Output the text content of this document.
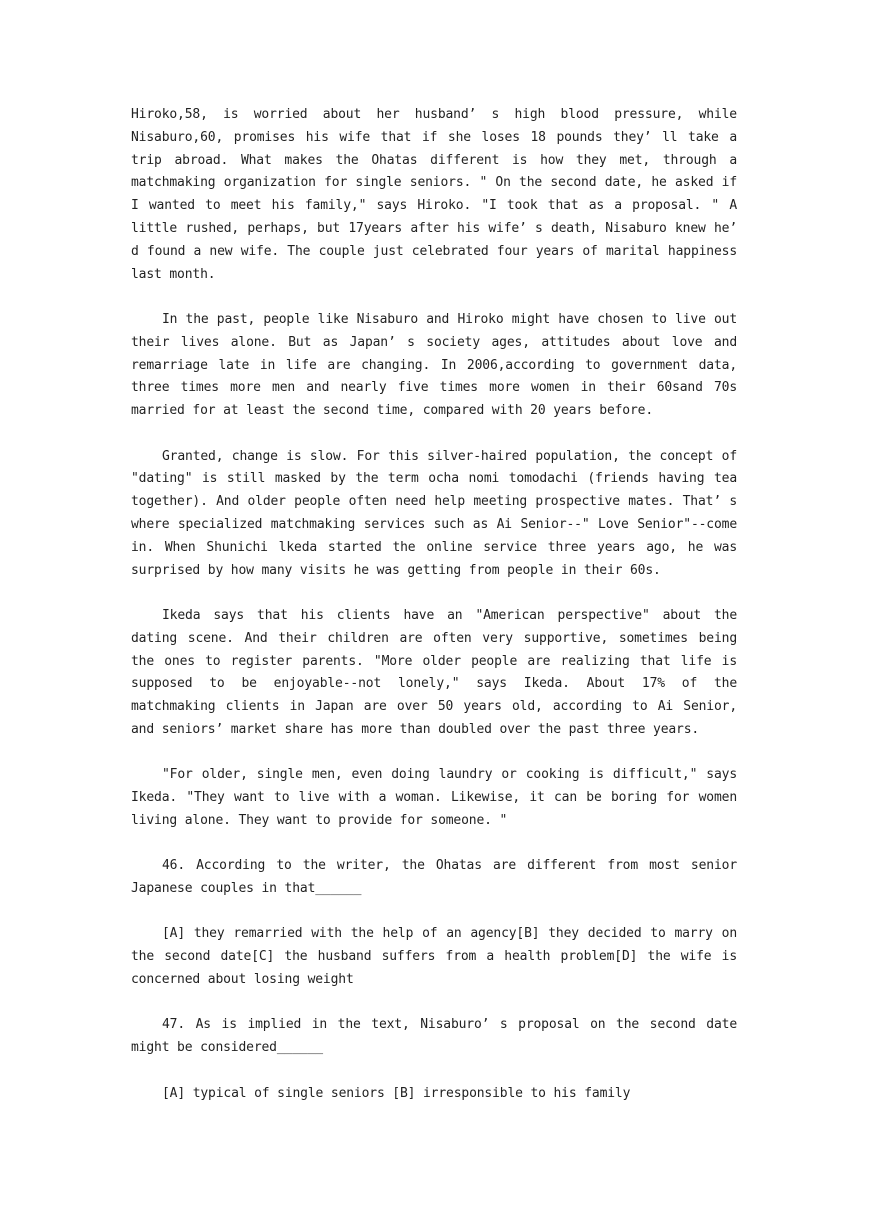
Hiroko,58, is worried about her husband’ s high blood pressure, while Nisaburo,60, promises his wife that if she loses 18 pounds they’ ll take a trip abroad. What makes the Ohatas different is how they met, through a matchmaking organization for single seniors. " On the second date, he asked if I wanted to meet his family," says Hiroko. "I took that as a proposal. " A little rushed, perhaps, but 17years after his wife’ s death, Nisaburo knew he’ d found a new wife. The couple just celebrated four years of marital happiness last month.

In the past, people like Nisaburo and Hiroko might have chosen to live out their lives alone. But as Japan’ s society ages, attitudes about love and remarriage late in life are changing. In 2006,according to government data, three times more men and nearly five times more women in their 60sand 70s married for at least the second time, compared with 20 years before.

Granted, change is slow. For this silver-haired population, the concept of "dating" is still masked by the term ocha nomi tomodachi (friends having tea together). And older people often need help meeting prospective mates. That’ s where specialized matchmaking services such as Ai Senior--" Love Senior"--come in. When Shunichi lkeda started the online service three years ago, he was surprised by how many visits he was getting from people in their 60s.

Ikeda says that his clients have an "American perspective" about the dating scene. And their children are often very supportive, sometimes being the ones to register parents. "More older people are realizing that life is supposed to be enjoyable--not lonely," says Ikeda. About 17% of the matchmaking clients in Japan are over 50 years old, according to Ai Senior, and seniors’ market share has more than doubled over the past three years.

"For older, single men, even doing laundry or cooking is difficult," says Ikeda. "They want to live with a woman. Likewise, it can be boring for women living alone. They want to provide for someone. "

46. According to the writer, the Ohatas are different from most senior Japanese couples in that______

[A] they remarried with the help of an agency[B] they decided to marry on the second date[C] the husband suffers from a health problem[D] the wife is concerned about losing weight

47. As is implied in the text, Nisaburo’ s proposal on the second date might be considered______

[A] typical of single seniors [B] irresponsible to his family
